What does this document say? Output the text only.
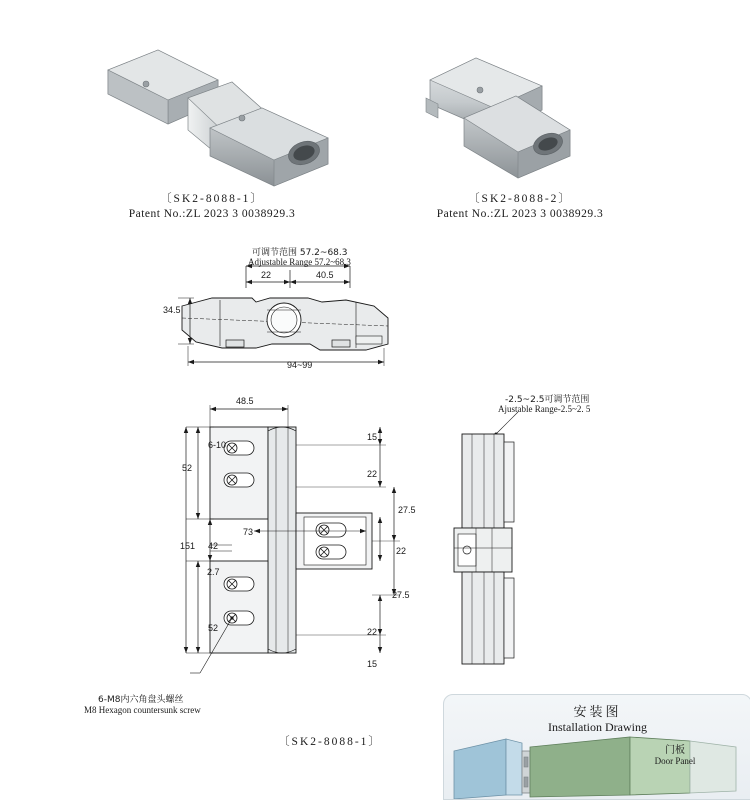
〔SK2-8088-1〕
Patent No.:ZL 2023 3 0038929.3
〔SK2-8088-2〕
Patent No.:ZL 2023 3 0038929.3
可调节范围 57.2~68.3
Adjustable Range 57.2~68.3
22	40.5
34.5
94~99
48.5
6-10
52
42
151
52
2.7
73
15
22
27.5
22
27.5
22
15
6-M8内六角盘头螺丝
M8 Hexagon countersunk screw
〔SK2-8088-1〕
-2.5~2.5可调节范围
Ajustable Range-2.5~2. 5
安装图
Installation Drawing
门板
Door Panel
